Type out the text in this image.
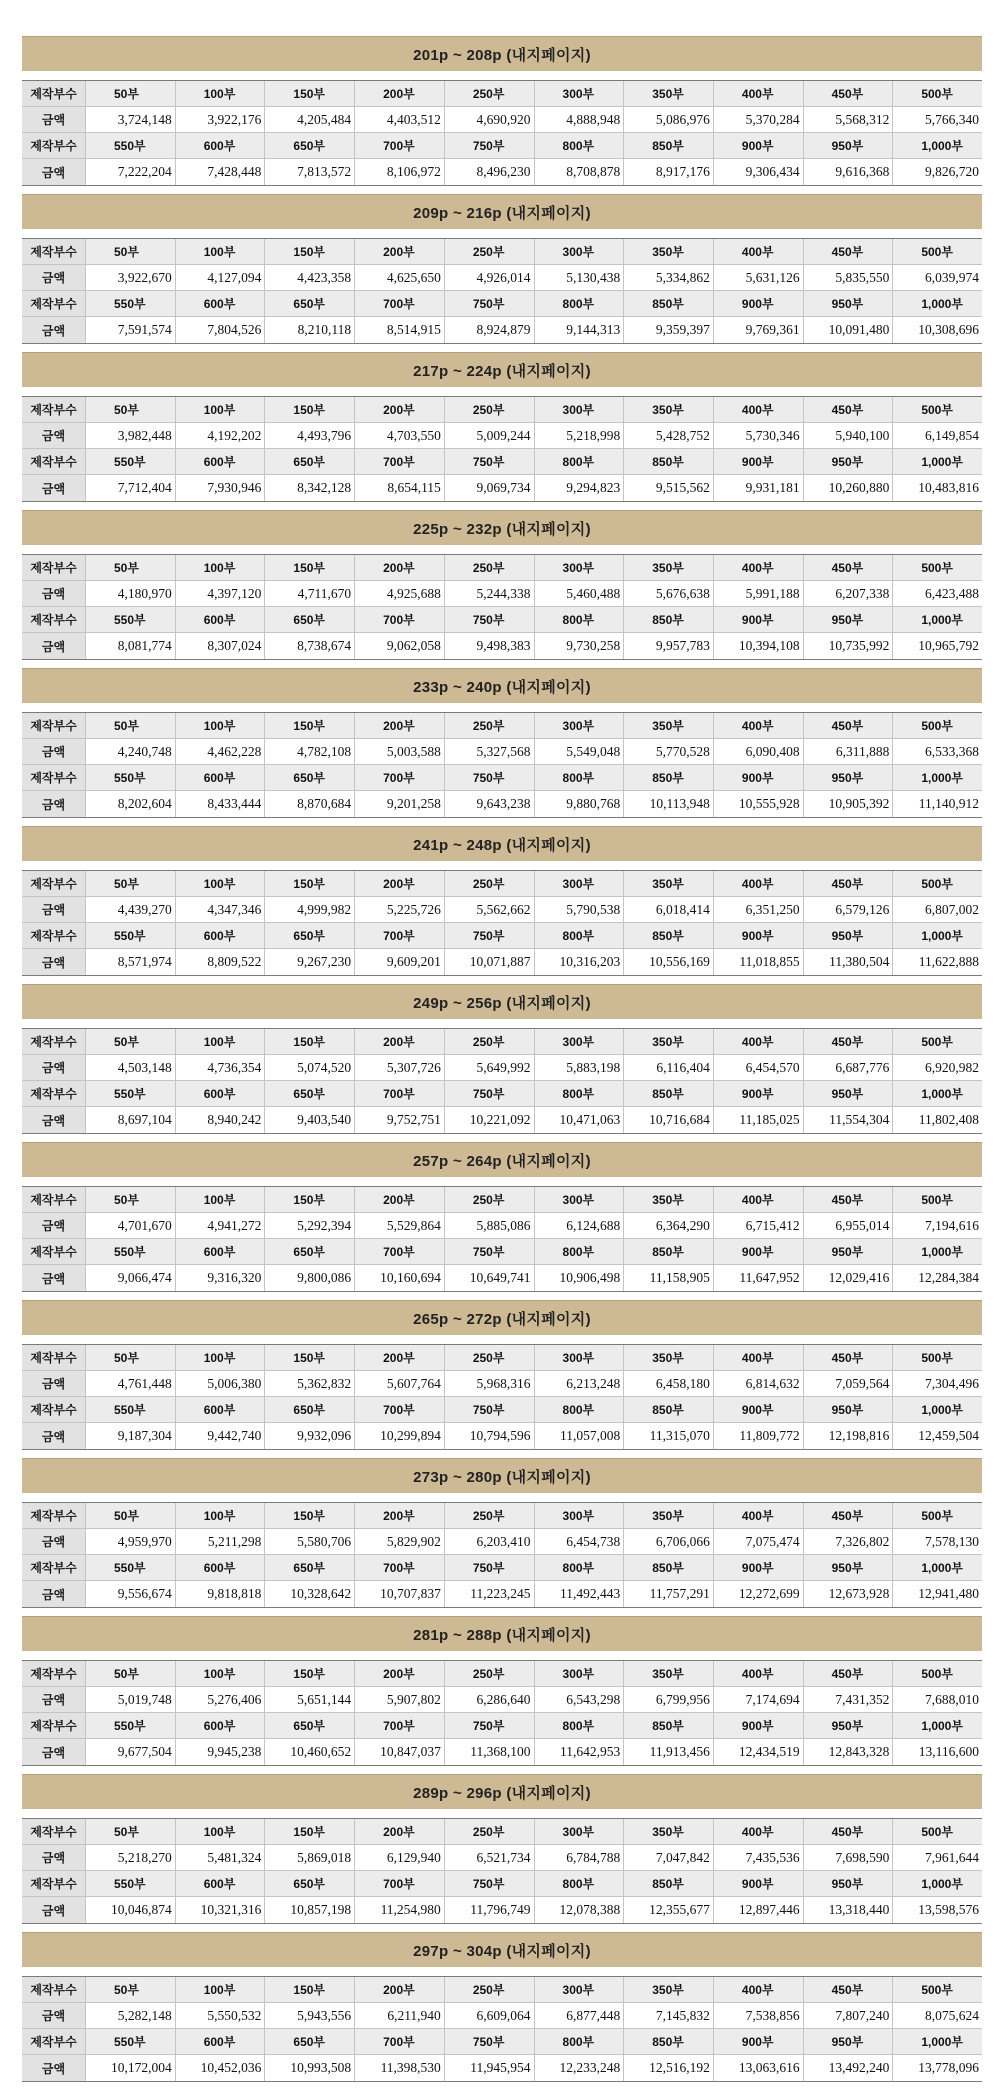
201p ~ 208p (내지페이지)
제작부수	50부	100부	150부	200부	250부	300부	350부	400부	450부	500부
금액	3,724,148	3,922,176	4,205,484	4,403,512	4,690,920	4,888,948	5,086,976	5,370,284	5,568,312	5,766,340
제작부수	550부	600부	650부	700부	750부	800부	850부	900부	950부	1,000부
금액	7,222,204	7,428,448	7,813,572	8,106,972	8,496,230	8,708,878	8,917,176	9,306,434	9,616,368	9,826,720
209p ~ 216p (내지페이지)
제작부수	50부	100부	150부	200부	250부	300부	350부	400부	450부	500부
금액	3,922,670	4,127,094	4,423,358	4,625,650	4,926,014	5,130,438	5,334,862	5,631,126	5,835,550	6,039,974
제작부수	550부	600부	650부	700부	750부	800부	850부	900부	950부	1,000부
금액	7,591,574	7,804,526	8,210,118	8,514,915	8,924,879	9,144,313	9,359,397	9,769,361	10,091,480	10,308,696
217p ~ 224p (내지페이지)
제작부수	50부	100부	150부	200부	250부	300부	350부	400부	450부	500부
금액	3,982,448	4,192,202	4,493,796	4,703,550	5,009,244	5,218,998	5,428,752	5,730,346	5,940,100	6,149,854
제작부수	550부	600부	650부	700부	750부	800부	850부	900부	950부	1,000부
금액	7,712,404	7,930,946	8,342,128	8,654,115	9,069,734	9,294,823	9,515,562	9,931,181	10,260,880	10,483,816
225p ~ 232p (내지페이지)
제작부수	50부	100부	150부	200부	250부	300부	350부	400부	450부	500부
금액	4,180,970	4,397,120	4,711,670	4,925,688	5,244,338	5,460,488	5,676,638	5,991,188	6,207,338	6,423,488
제작부수	550부	600부	650부	700부	750부	800부	850부	900부	950부	1,000부
금액	8,081,774	8,307,024	8,738,674	9,062,058	9,498,383	9,730,258	9,957,783	10,394,108	10,735,992	10,965,792
233p ~ 240p (내지페이지)
제작부수	50부	100부	150부	200부	250부	300부	350부	400부	450부	500부
금액	4,240,748	4,462,228	4,782,108	5,003,588	5,327,568	5,549,048	5,770,528	6,090,408	6,311,888	6,533,368
제작부수	550부	600부	650부	700부	750부	800부	850부	900부	950부	1,000부
금액	8,202,604	8,433,444	8,870,684	9,201,258	9,643,238	9,880,768	10,113,948	10,555,928	10,905,392	11,140,912
241p ~ 248p (내지페이지)
제작부수	50부	100부	150부	200부	250부	300부	350부	400부	450부	500부
금액	4,439,270	4,347,346	4,999,982	5,225,726	5,562,662	5,790,538	6,018,414	6,351,250	6,579,126	6,807,002
제작부수	550부	600부	650부	700부	750부	800부	850부	900부	950부	1,000부
금액	8,571,974	8,809,522	9,267,230	9,609,201	10,071,887	10,316,203	10,556,169	11,018,855	11,380,504	11,622,888
249p ~ 256p (내지페이지)
제작부수	50부	100부	150부	200부	250부	300부	350부	400부	450부	500부
금액	4,503,148	4,736,354	5,074,520	5,307,726	5,649,992	5,883,198	6,116,404	6,454,570	6,687,776	6,920,982
제작부수	550부	600부	650부	700부	750부	800부	850부	900부	950부	1,000부
금액	8,697,104	8,940,242	9,403,540	9,752,751	10,221,092	10,471,063	10,716,684	11,185,025	11,554,304	11,802,408
257p ~ 264p (내지페이지)
제작부수	50부	100부	150부	200부	250부	300부	350부	400부	450부	500부
금액	4,701,670	4,941,272	5,292,394	5,529,864	5,885,086	6,124,688	6,364,290	6,715,412	6,955,014	7,194,616
제작부수	550부	600부	650부	700부	750부	800부	850부	900부	950부	1,000부
금액	9,066,474	9,316,320	9,800,086	10,160,694	10,649,741	10,906,498	11,158,905	11,647,952	12,029,416	12,284,384
265p ~ 272p (내지페이지)
제작부수	50부	100부	150부	200부	250부	300부	350부	400부	450부	500부
금액	4,761,448	5,006,380	5,362,832	5,607,764	5,968,316	6,213,248	6,458,180	6,814,632	7,059,564	7,304,496
제작부수	550부	600부	650부	700부	750부	800부	850부	900부	950부	1,000부
금액	9,187,304	9,442,740	9,932,096	10,299,894	10,794,596	11,057,008	11,315,070	11,809,772	12,198,816	12,459,504
273p ~ 280p (내지페이지)
제작부수	50부	100부	150부	200부	250부	300부	350부	400부	450부	500부
금액	4,959,970	5,211,298	5,580,706	5,829,902	6,203,410	6,454,738	6,706,066	7,075,474	7,326,802	7,578,130
제작부수	550부	600부	650부	700부	750부	800부	850부	900부	950부	1,000부
금액	9,556,674	9,818,818	10,328,642	10,707,837	11,223,245	11,492,443	11,757,291	12,272,699	12,673,928	12,941,480
281p ~ 288p (내지페이지)
제작부수	50부	100부	150부	200부	250부	300부	350부	400부	450부	500부
금액	5,019,748	5,276,406	5,651,144	5,907,802	6,286,640	6,543,298	6,799,956	7,174,694	7,431,352	7,688,010
제작부수	550부	600부	650부	700부	750부	800부	850부	900부	950부	1,000부
금액	9,677,504	9,945,238	10,460,652	10,847,037	11,368,100	11,642,953	11,913,456	12,434,519	12,843,328	13,116,600
289p ~ 296p (내지페이지)
제작부수	50부	100부	150부	200부	250부	300부	350부	400부	450부	500부
금액	5,218,270	5,481,324	5,869,018	6,129,940	6,521,734	6,784,788	7,047,842	7,435,536	7,698,590	7,961,644
제작부수	550부	600부	650부	700부	750부	800부	850부	900부	950부	1,000부
금액	10,046,874	10,321,316	10,857,198	11,254,980	11,796,749	12,078,388	12,355,677	12,897,446	13,318,440	13,598,576
297p ~ 304p (내지페이지)
제작부수	50부	100부	150부	200부	250부	300부	350부	400부	450부	500부
금액	5,282,148	5,550,532	5,943,556	6,211,940	6,609,064	6,877,448	7,145,832	7,538,856	7,807,240	8,075,624
제작부수	550부	600부	650부	700부	750부	800부	850부	900부	950부	1,000부
금액	10,172,004	10,452,036	10,993,508	11,398,530	11,945,954	12,233,248	12,516,192	13,063,616	13,492,240	13,778,096
